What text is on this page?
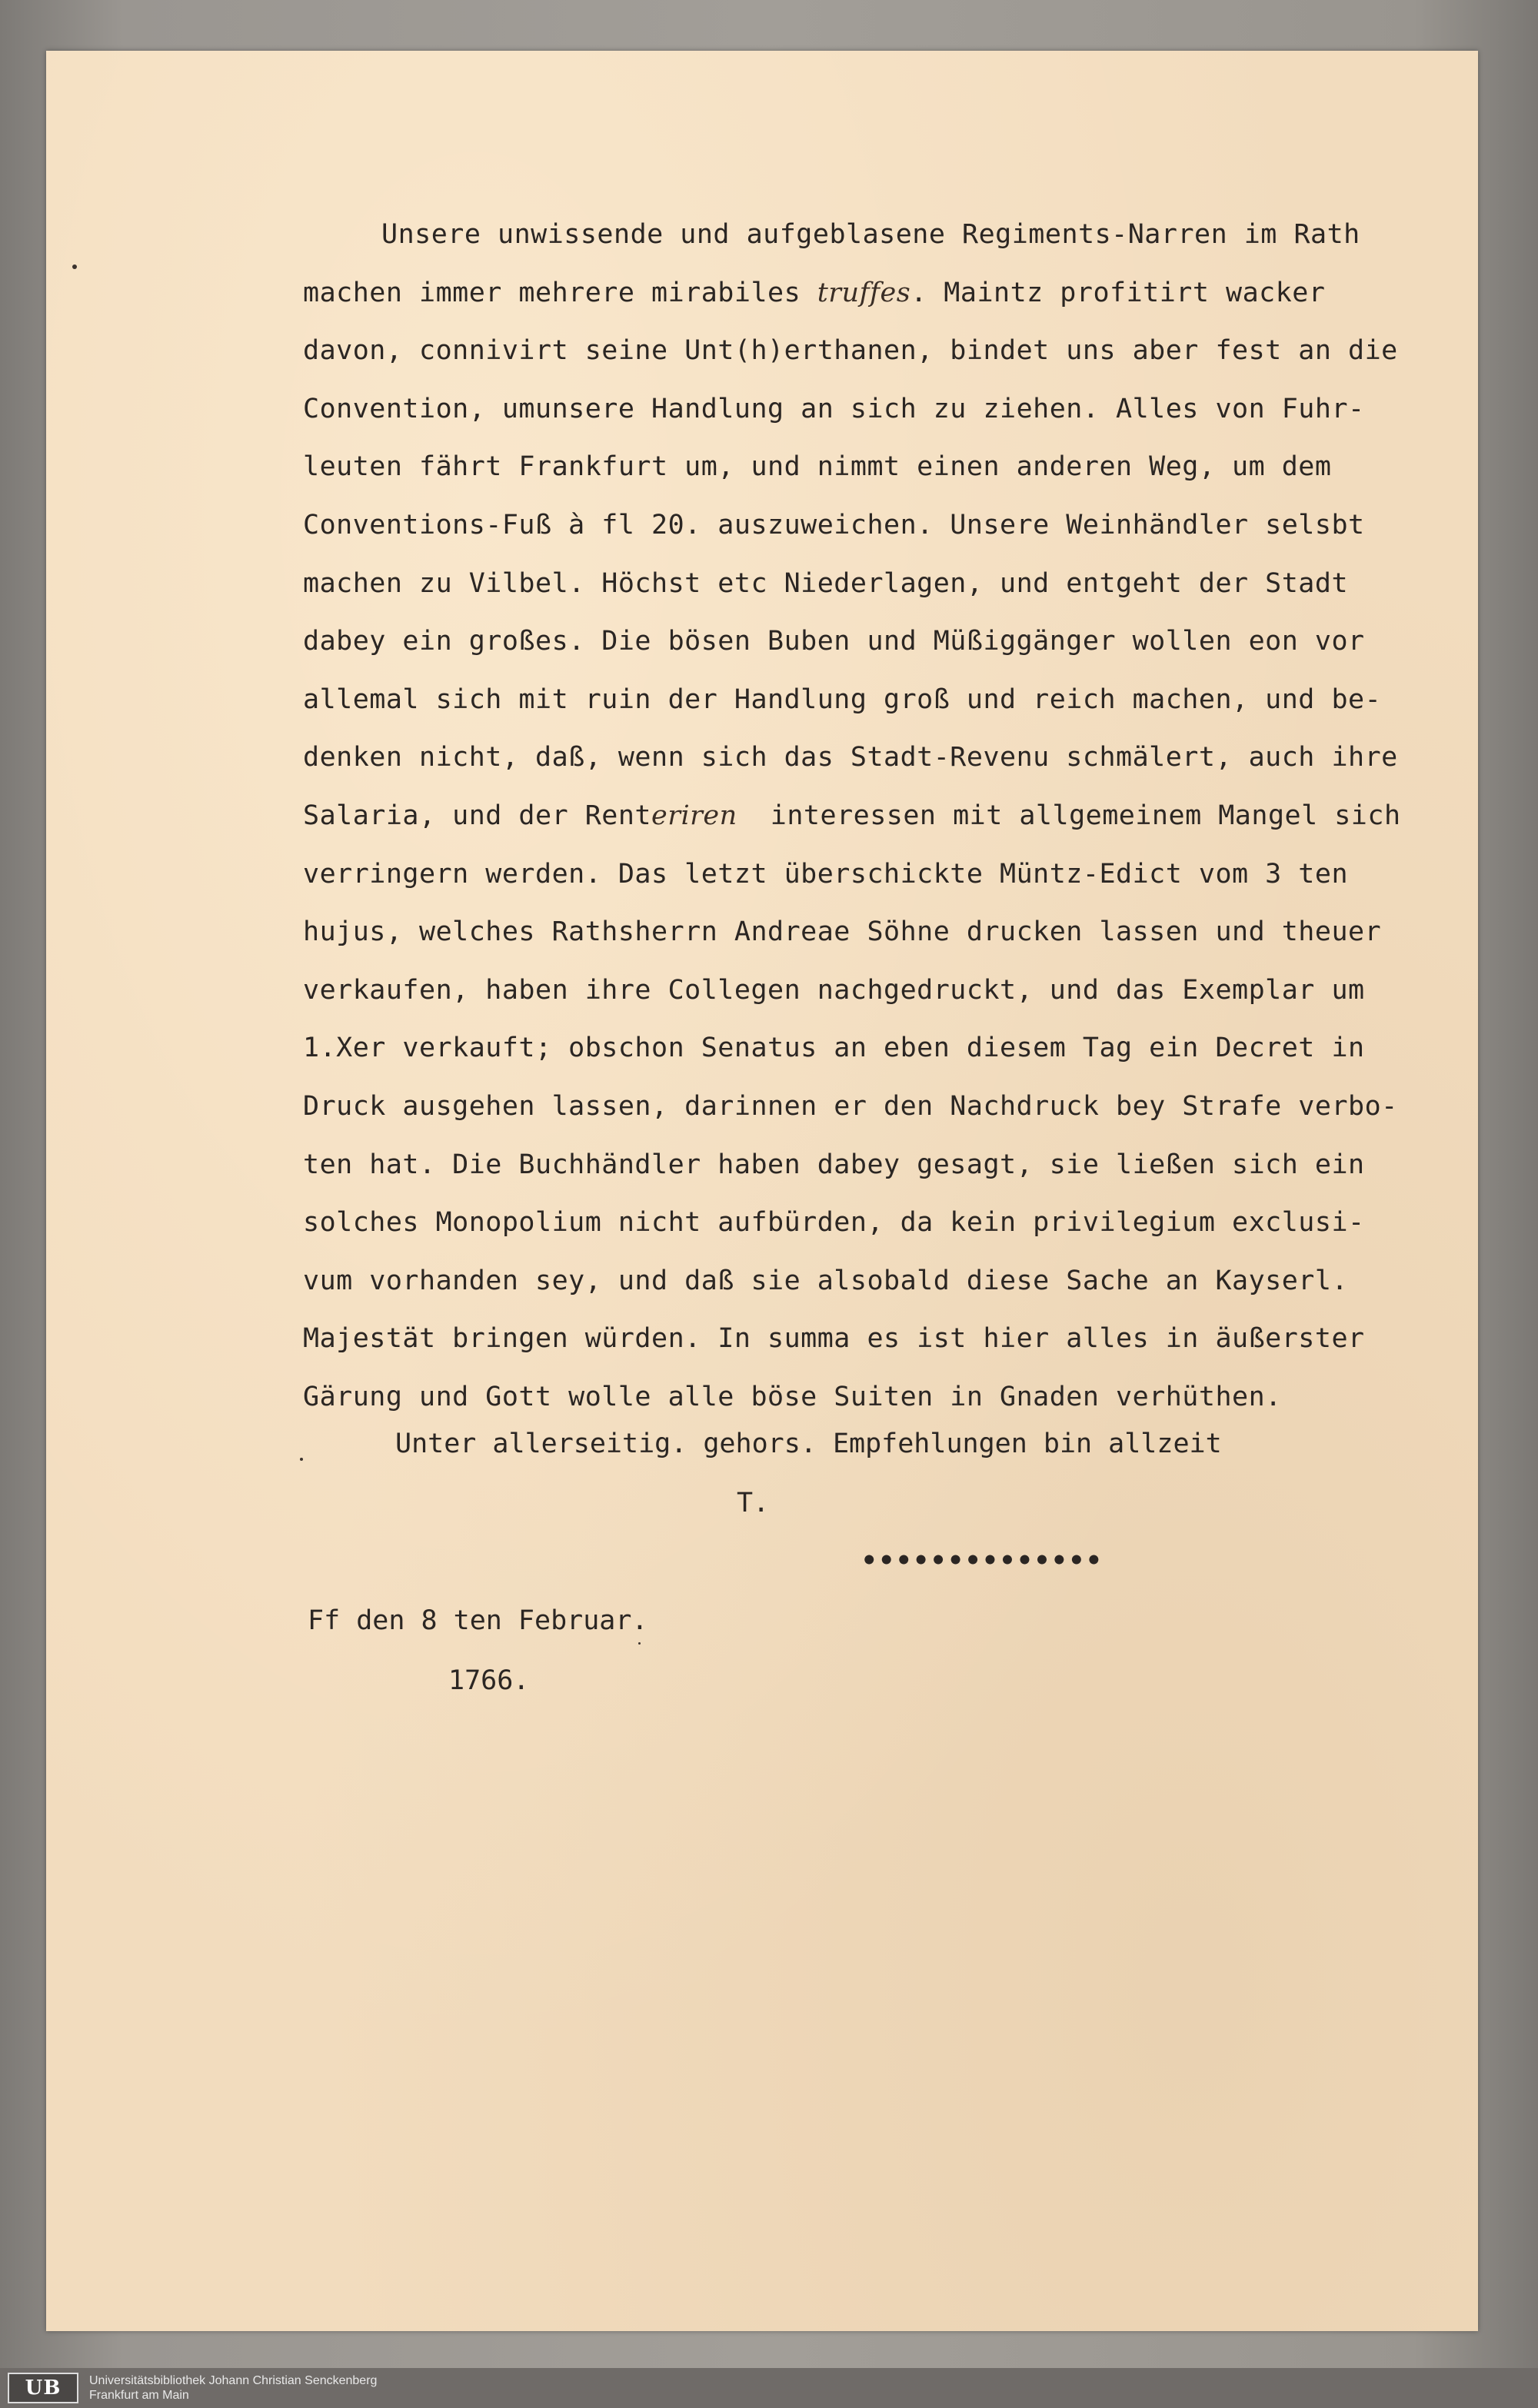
Unsere unwissende und aufgeblasene Regiments-Narren im Rath
machen immer mehrere mirabiles truffes. Maintz profitirt wacker
davon, connivirt seine Unt(h)erthanen, bindet uns aber fest an die
Convention, umunsere Handlung an sich zu ziehen. Alles von Fuhr-
leuten fährt Frankfurt um, und nimmt einen anderen Weg, um dem
Conventions-Fuß à fl 20. auszuweichen. Unsere Weinhändler selsbt
machen zu Vilbel. Höchst etc Niederlagen, und entgeht der Stadt
dabey ein großes. Die bösen Buben und Müßiggänger wollen eon vor
allemal sich mit ruin der Handlung groß und reich machen, und be-
denken nicht, daß, wenn sich das Stadt-Revenu schmälert, auch ihre
Salaria, und der Renteriren  interessen mit allgemeinem Mangel sich
verringern werden. Das letzt überschickte Müntz-Edict vom 3 ten
hujus, welches Rathsherrn Andreae Söhne drucken lassen und theuer
verkaufen, haben ihre Collegen nachgedruckt, und das Exemplar um
1.Xer verkauft; obschon Senatus an eben diesem Tag ein Decret in
Druck ausgehen lassen, darinnen er den Nachdruck bey Strafe verbo-
ten hat. Die Buchhändler haben dabey gesagt, sie ließen sich ein
solches Monopolium nicht aufbürden, da kein privilegium exclusi-
vum vorhanden sey, und daß sie alsobald diese Sache an Kayserl.
Majestät bringen würden. In summa es ist hier alles in äußerster
Gärung und Gott wolle alle böse Suiten in Gnaden verhüthen.
Unter allerseitig. gehors. Empfehlungen bin allzeit
T.
••••••••••••••
Ff den 8 ten Februar.
1766.
UB Universitätsbibliothek Johann Christian Senckenberg
Frankfurt am Main
